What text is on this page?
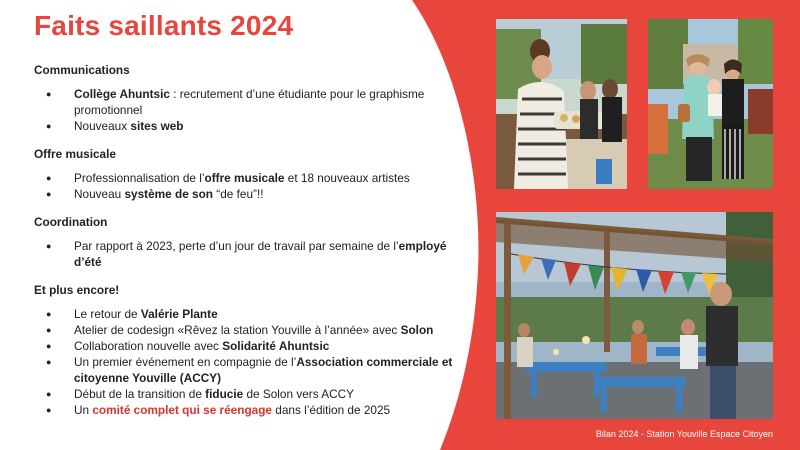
Faits saillants 2024

Communications

● Collège Ahuntsic : recrutement d’une étudiante pour le graphisme promotionnel
● Nouveaux sites web

Offre musicale

● Professionnalisation de l’offre musicale et 18 nouveaux artistes
● Nouveau système de son “de feu”!!

Coordination

● Par rapport à 2023, perte d’un jour de travail par semaine de l’employé d’été

Et plus encore!

● Le retour de Valérie Plante
● Atelier de codesign «Rêvez la station Youville à l’année» avec Solon
● Collaboration nouvelle avec Solidarité Ahuntsic
● Un premier événement en compagnie de l’Association commerciale et citoyenne Youville (ACCY)
● Début de la transition de fiducie de Solon vers ACCY
● Un comité complet qui se réengage dans l’édition de 2025
Bilan 2024 - Station Youville Espace Citoyen
